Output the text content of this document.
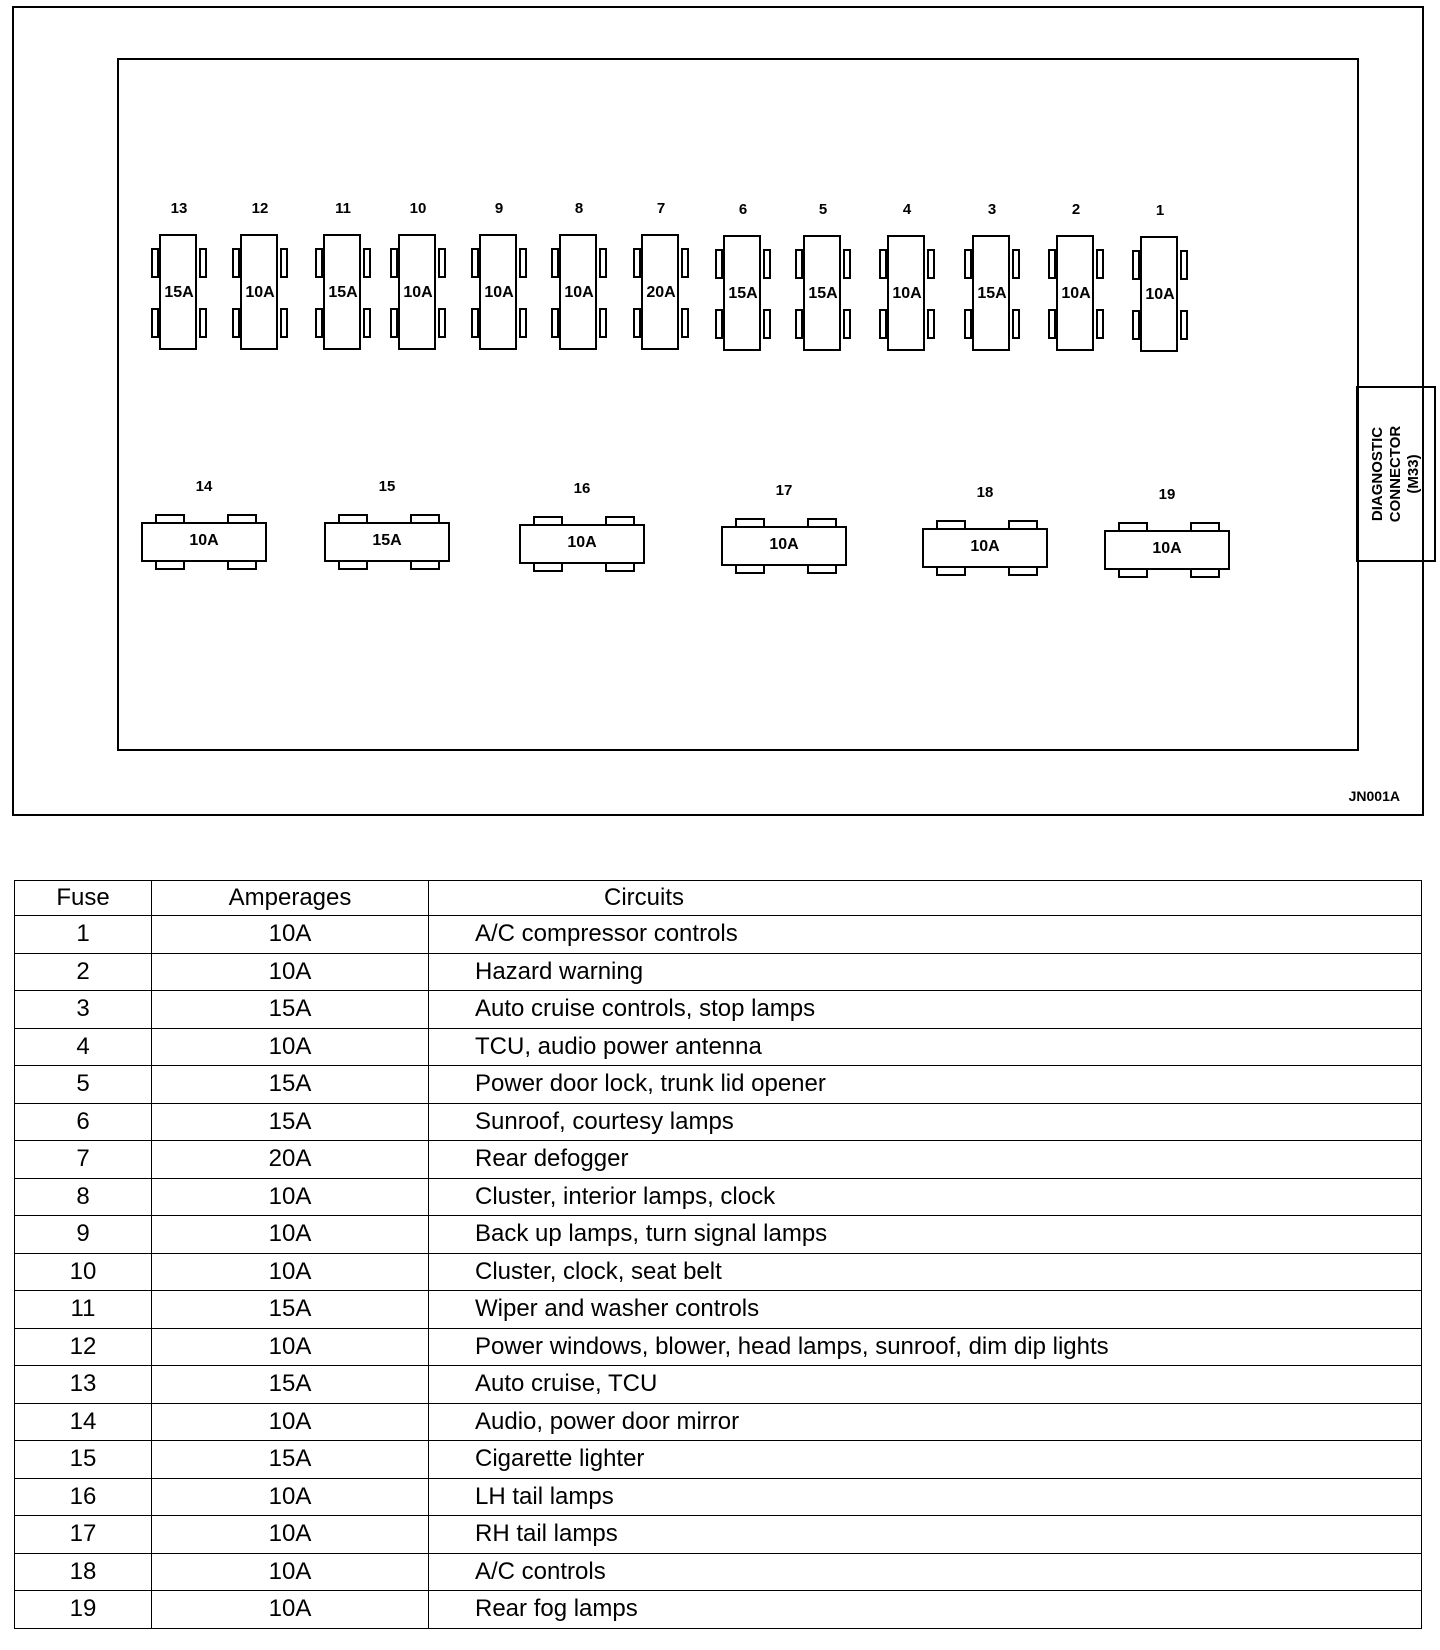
DIAGNOSTIC CONNECTOR (M33)
13
15A
12
10A
11
15A
10
10A
9
10A
8
10A
7
20A
6
15A
5
15A
4
10A
3
15A
2
10A
1
10A
14
10A
15
15A
16
10A
17
10A
18
10A
19
10A
JN001A
Fuse	Amperages	Circuits
1	10A	A/C compressor controls
2	10A	Hazard warning
3	15A	Auto cruise controls, stop lamps
4	10A	TCU, audio power antenna
5	15A	Power door lock, trunk lid opener
6	15A	Sunroof, courtesy lamps
7	20A	Rear defogger
8	10A	Cluster, interior lamps, clock
9	10A	Back up lamps, turn signal lamps
10	10A	Cluster, clock, seat belt
11	15A	Wiper and washer controls
12	10A	Power windows, blower, head lamps, sunroof, dim dip lights
13	15A	Auto cruise, TCU
14	10A	Audio, power door mirror
15	15A	Cigarette lighter
16	10A	LH tail lamps
17	10A	RH tail lamps
18	10A	A/C controls
19	10A	Rear fog lamps
